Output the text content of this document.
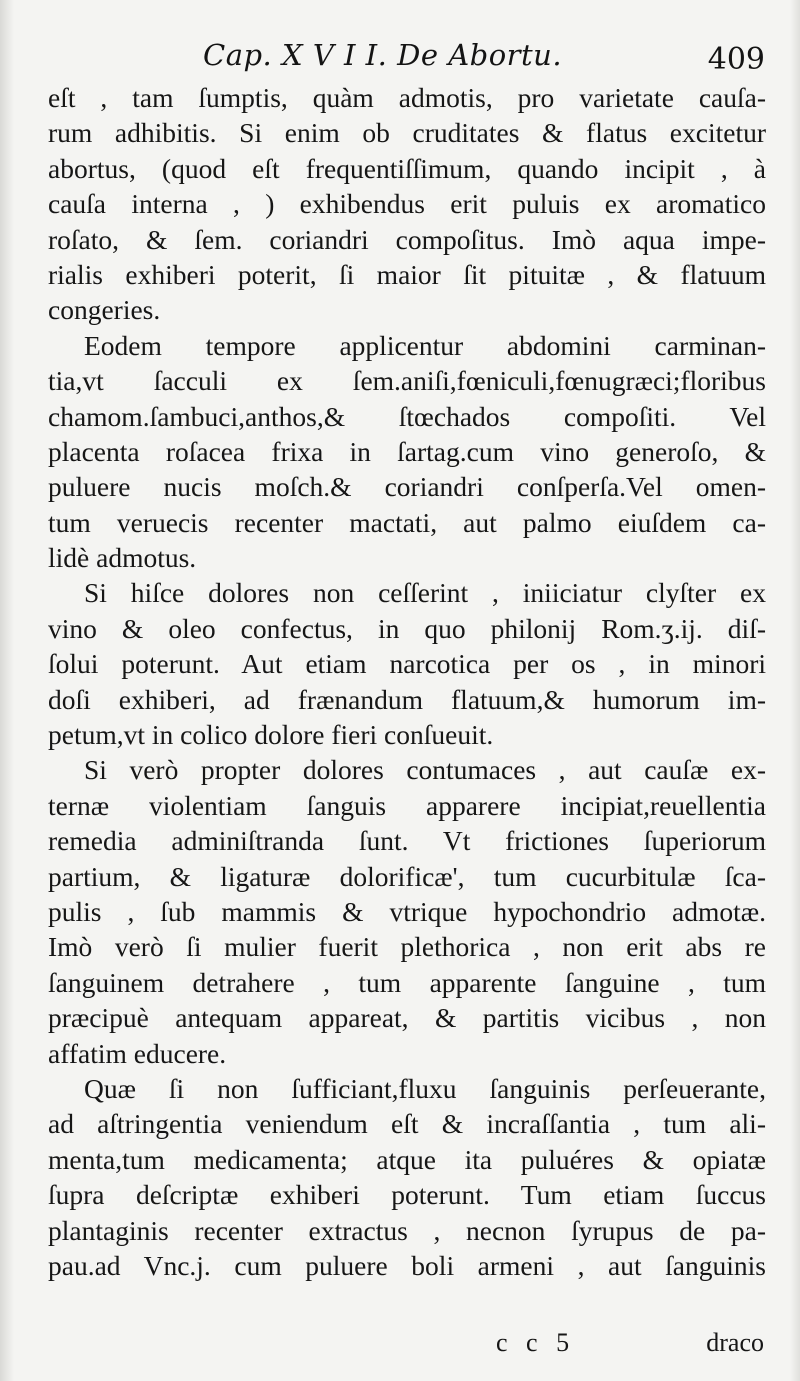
Cap. X V I I. De Abortu.	409
eſt , tam ſumptis, quàm admotis, pro varietate cauſa-
rum adhibitis. Si enim ob cruditates & flatus excitetur
abortus, (quod eſt frequentiſſimum, quando incipit , à
cauſa interna , ) exhibendus erit puluis ex aromatico
roſato, & ſem. coriandri compoſitus. Imò aqua impe-
rialis exhiberi poterit, ſi maior ſit pituitæ , & flatuum
congeries.
Eodem tempore applicentur abdomini carminan-
tia,vt ſacculi ex ſem.aniſi,fœniculi,fœnugræci;floribus
chamom.ſambuci,anthos,& ſtœchados compoſiti. Vel
placenta roſacea frixa in ſartag.cum vino generoſo, &
puluere nucis moſch.& coriandri conſperſa.Vel omen-
tum veruecis recenter mactati, aut palmo eiuſdem ca-
lidè admotus.
Si hiſce dolores non ceſſerint , iniiciatur clyſter ex
vino & oleo confectus, in quo philonij Rom.ʒ.ij. diſ-
ſolui poterunt. Aut etiam narcotica per os , in minori
doſi exhiberi, ad frænandum flatuum,& humorum im-
petum,vt in colico dolore fieri conſueuit.
Si verò propter dolores contumaces , aut cauſæ ex-
ternæ violentiam ſanguis apparere incipiat,reuellentia
remedia adminiſtranda ſunt. Vt frictiones ſuperiorum
partium, & ligaturæ dolorificæ', tum cucurbitulæ ſca-
pulis , ſub mammis & vtrique hypochondrio admotæ.
Imò verò ſi mulier fuerit plethorica , non erit abs re
ſanguinem detrahere , tum apparente ſanguine , tum
præcipuè antequam appareat, & partitis vicibus , non
affatim educere.
Quæ ſi non ſufficiant,fluxu ſanguinis perſeuerante,
ad aſtringentia veniendum eſt & incraſſantia , tum ali-
menta,tum medicamenta; atque ita puluéres & opiatæ
ſupra deſcriptæ exhiberi poterunt. Tum etiam ſuccus
plantaginis recenter extractus , necnon ſyrupus de pa-
pau.ad Vnc.j. cum puluere boli armeni , aut ſanguinis
c c 5	draco
